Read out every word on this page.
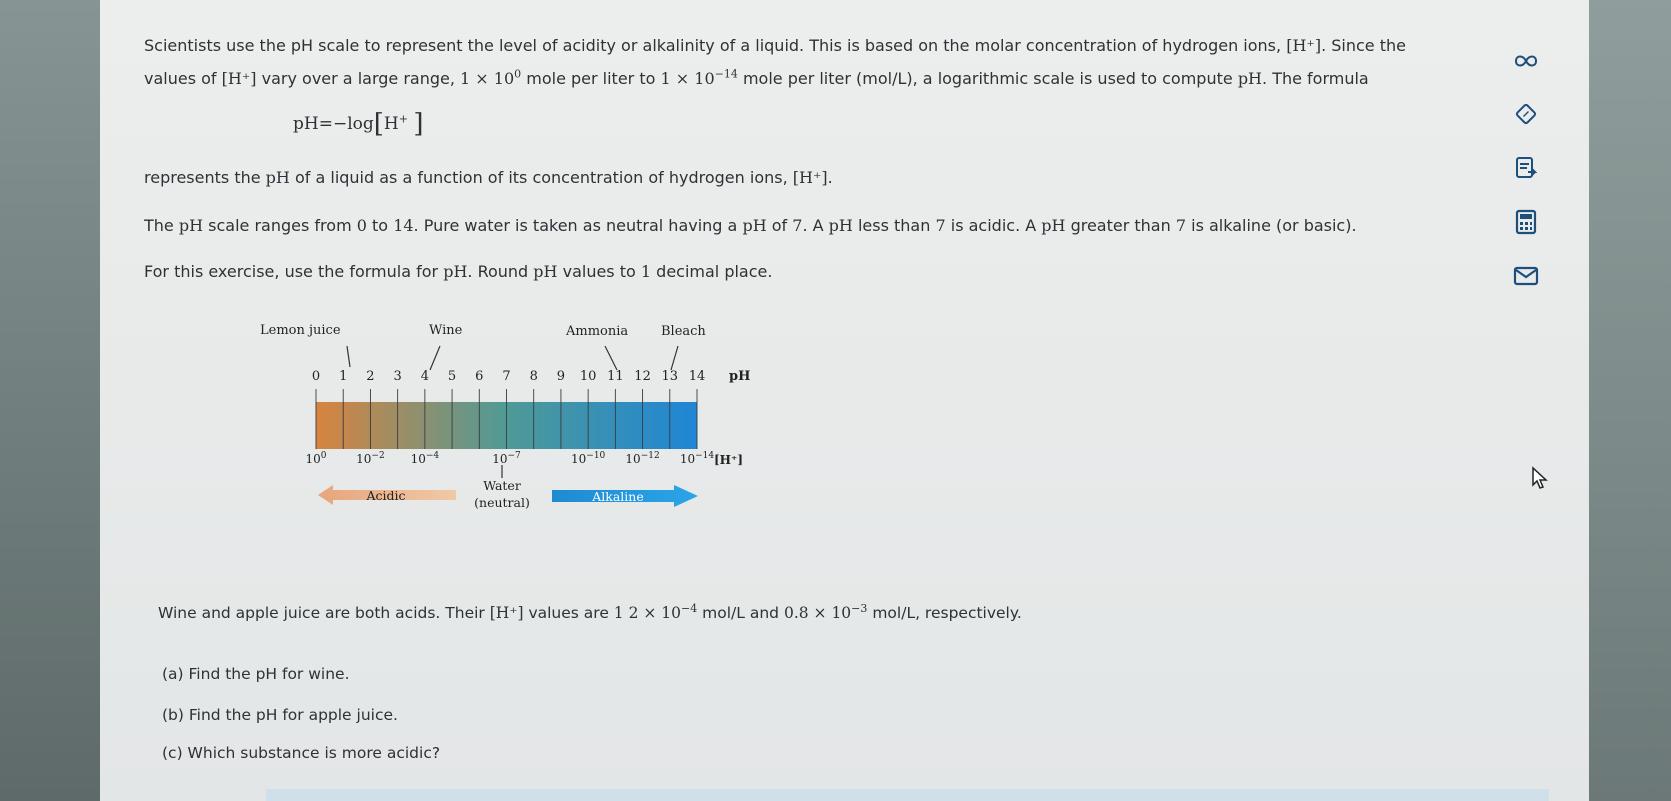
Scientists use the pH scale to represent the level of acidity or alkalinity of a liquid. This is based on the molar concentration of hydrogen ions, [H⁺]. Since the
values of [H⁺] vary over a large range, $1 \times 10^0$ mole per liter to $1 \times 10^{-14}$ mole per liter (mol/L), a logarithmic scale is used to compute pH. The formula
pH=−log[H+ ]
represents the pH of a liquid as a function of its concentration of hydrogen ions, [H⁺].
The pH scale ranges from 0 to 14. Pure water is taken as neutral having a pH of 7. A pH less than 7 is acidic. A pH greater than 7 is alkaline (or basic).
For this exercise, use the formula for pH. Round pH values to 1 decimal place.
Lemon juice	Wine	Ammonia	Bleach
0 1 2 3 4 5 6 7 8 9 10 11 12 13 14 pH
$10^0$ $10^{-2}$ $10^{-4}$	$10^{-7}$	$10^{-10}$ $10^{-12}$ $10^{-14}$ [H⁺]
Water
(neutral)
Acidic	Alkaline
Wine and apple juice are both acids. Their [H⁺] values are 1 $2 \times 10^{-4}$ mol/L and $0.8 \times 10^{-3}$ mol/L, respectively.
(a) Find the pH for wine.
(b) Find the pH for apple juice.
(c) Which substance is more acidic?
